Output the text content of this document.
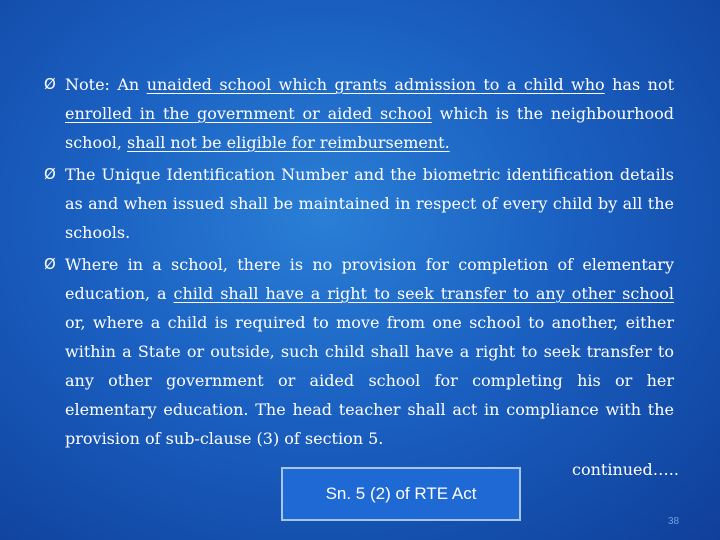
Ø Note: An unaided school which grants admission to a child who has not enrolled in the government or aided school which is the neighbourhood school, shall not be eligible for reimbursement.
Ø The Unique Identification Number and the biometric identification details as and when issued shall be maintained in respect of every child by all the schools.
Ø Where in a school, there is no provision for completion of elementary education, a child shall have a right to seek transfer to any other school or, where a child is required to move from one school to another, either within a State or outside, such child shall have a right to seek transfer to any other government or aided school for completing his or her elementary education. The head teacher shall act in compliance with the provision of sub-clause (3) of section 5.
continued…..
Sn. 5 (2) of RTE Act
38
